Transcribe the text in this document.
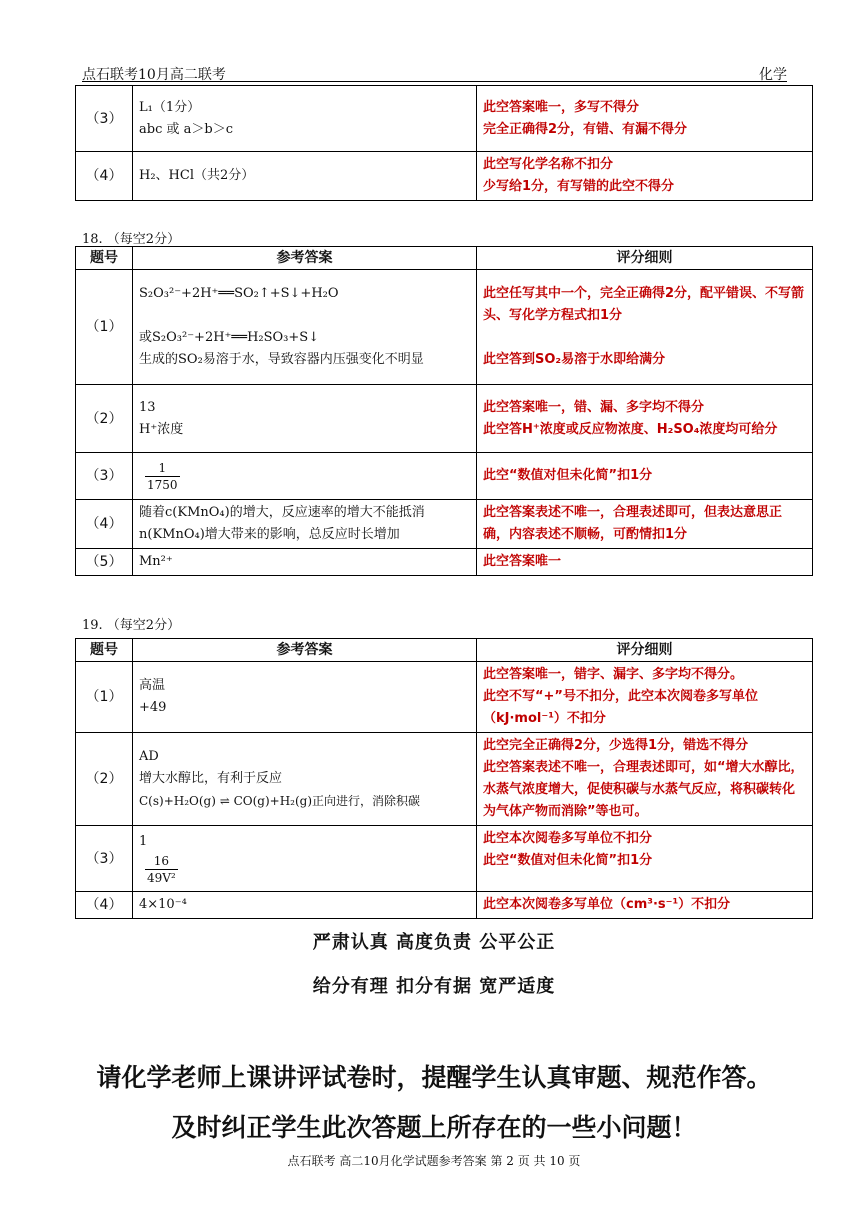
点石联考10月高二联考	化学
（3）	L₁（1分）
abc 或 a＞b＞c	此空答案唯一，多写不得分
完全正确得2分，有错、有漏不得分

（4）	H₂、HCl（共2分）	此空写化学名称不扣分
少写给1分，有写错的此空不得分
18. （每空2分）
题号	参考答案	评分细则
（1）	S₂O₃²⁻+2H⁺══SO₂↑+S↓+H₂O
或S₂O₃²⁻+2H⁺══H₂SO₃+S↓
生成的SO₂易溶于水，导致容器内压强变化不明显	此空任写其中一个，完全正确得2分，配平错误、不写箭头、写化学方程式扣1分
此空答到SO₂易溶于水即给满分

（2）	13
H⁺浓度	此空答案唯一，错、漏、多字均不得分
此空答H⁺浓度或反应物浓度、H₂SO₄浓度均可给分

（3）	$\frac{1}{1750}$	此空“数值对但未化简”扣1分
（4）	随着c(KMnO₄)的增大，反应速率的增大不能抵消
n(KMnO₄)增大带来的影响，总反应时长增加	此空答案表述不唯一，合理表述即可，但表达意思正确，内容表述不顺畅，可酌情扣1分
（5）	Mn²⁺	此空答案唯一
19. （每空2分）
题号	参考答案	评分细则
（1）	高温
+49	此空答案唯一，错字、漏字、多字均不得分。
此空不写“+”号不扣分，此空本次阅卷多写单位（kJ·mol⁻¹）不扣分

（2）	AD
增大水醇比，有利于反应
C(s)+H₂O(g) ⇌ CO(g)+H₂(g)正向进行，消除积碳	此空完全正确得2分，少选得1分，错选不得分
此空答案表述不唯一，合理表述即可，如“增大水醇比，水蒸气浓度增大，促使积碳与水蒸气反应，将积碳转化为气体产物而消除”等也可。

（3）	1
$\frac{16}{\text{49V²}}$	此空本次阅卷多写单位不扣分
此空“数值对但未化简”扣1分

（4）	4×10⁻⁴	此空本次阅卷多写单位（cm³·s⁻¹）不扣分
严肃认真 高度负责 公平公正
给分有理 扣分有据 宽严适度
请化学老师上课讲评试卷时，提醒学生认真审题、规范作答。
及时纠正学生此次答题上所存在的一些小问题！
点石联考 高二10月化学试题参考答案 第 2 页 共 10 页
